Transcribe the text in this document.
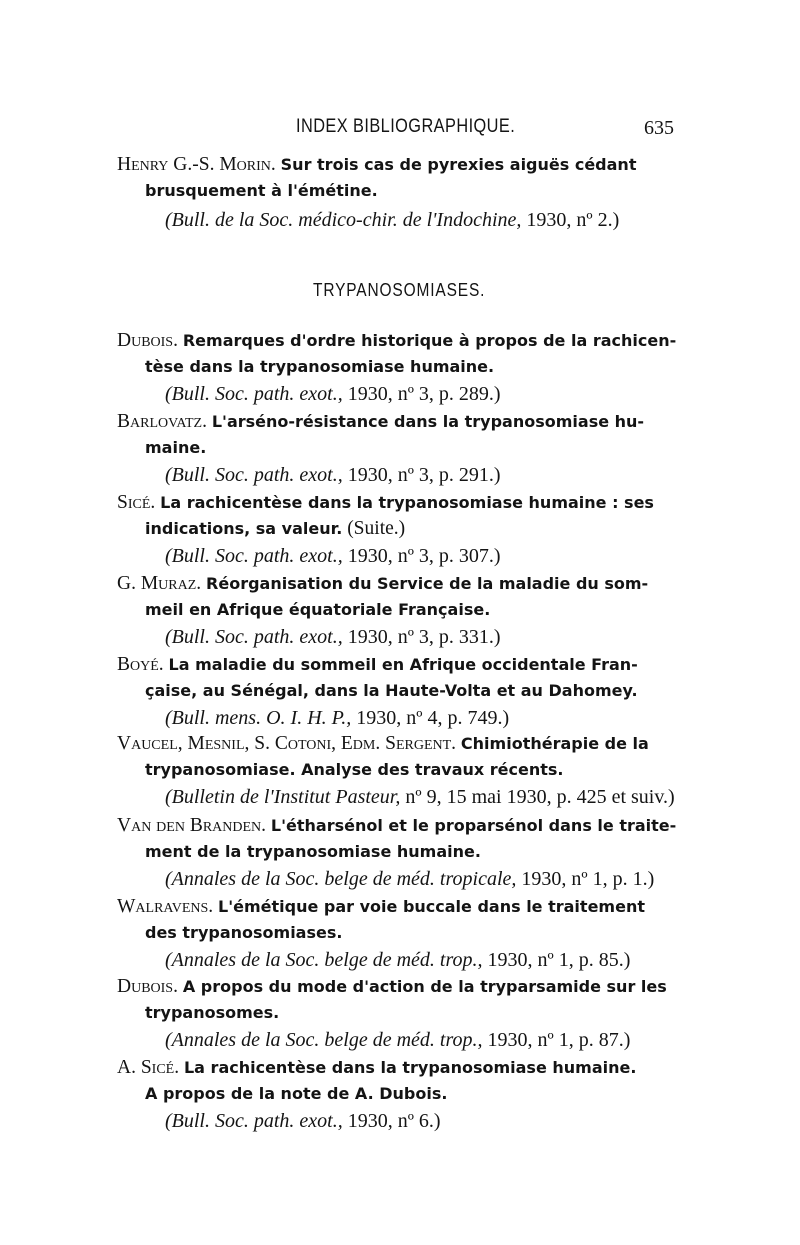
INDEX BIBLIOGRAPHIQUE.	635
Henry G.-S. Morin. Sur trois cas de pyrexies aiguës cédant
brusquement à l'émétine.
(Bull. de la Soc. médico-chir. de l'Indochine, 1930, nº 2.)
TRYPANOSOMIASES.
Dubois. Remarques d'ordre historique à propos de la rachicen-
tèse dans la trypanosomiase humaine.
(Bull. Soc. path. exot., 1930, nº 3, p. 289.)
Barlovatz. L'arséno-résistance dans la trypanosomiase hu-
maine.
(Bull. Soc. path. exot., 1930, nº 3, p. 291.)
Sicé. La rachicentèse dans la trypanosomiase humaine : ses
indications, sa valeur. (Suite.)
(Bull. Soc. path. exot., 1930, nº 3, p. 307.)
G. Muraz. Réorganisation du Service de la maladie du som-
meil en Afrique équatoriale Française.
(Bull. Soc. path. exot., 1930, nº 3, p. 331.)
Boyé. La maladie du sommeil en Afrique occidentale Fran-
çaise, au Sénégal, dans la Haute-Volta et au Dahomey.
(Bull. mens. O. I. H. P., 1930, nº 4, p. 749.)
Vaucel, Mesnil, S. Cotoni, Edm. Sergent. Chimiothérapie de la
trypanosomiase. Analyse des travaux récents.
(Bulletin de l'Institut Pasteur, nº 9, 15 mai 1930, p. 425 et suiv.)
Van den Branden. L'étharsénol et le proparsénol dans le traite-
ment de la trypanosomiase humaine.
(Annales de la Soc. belge de méd. tropicale, 1930, nº 1, p. 1.)
Walravens. L'émétique par voie buccale dans le traitement
des trypanosomiases.
(Annales de la Soc. belge de méd. trop., 1930, nº 1, p. 85.)
Dubois. A propos du mode d'action de la tryparsamide sur les
trypanosomes.
(Annales de la Soc. belge de méd. trop., 1930, nº 1, p. 87.)
A. Sicé. La rachicentèse dans la trypanosomiase humaine.
A propos de la note de A. Dubois.
(Bull. Soc. path. exot., 1930, nº 6.)
